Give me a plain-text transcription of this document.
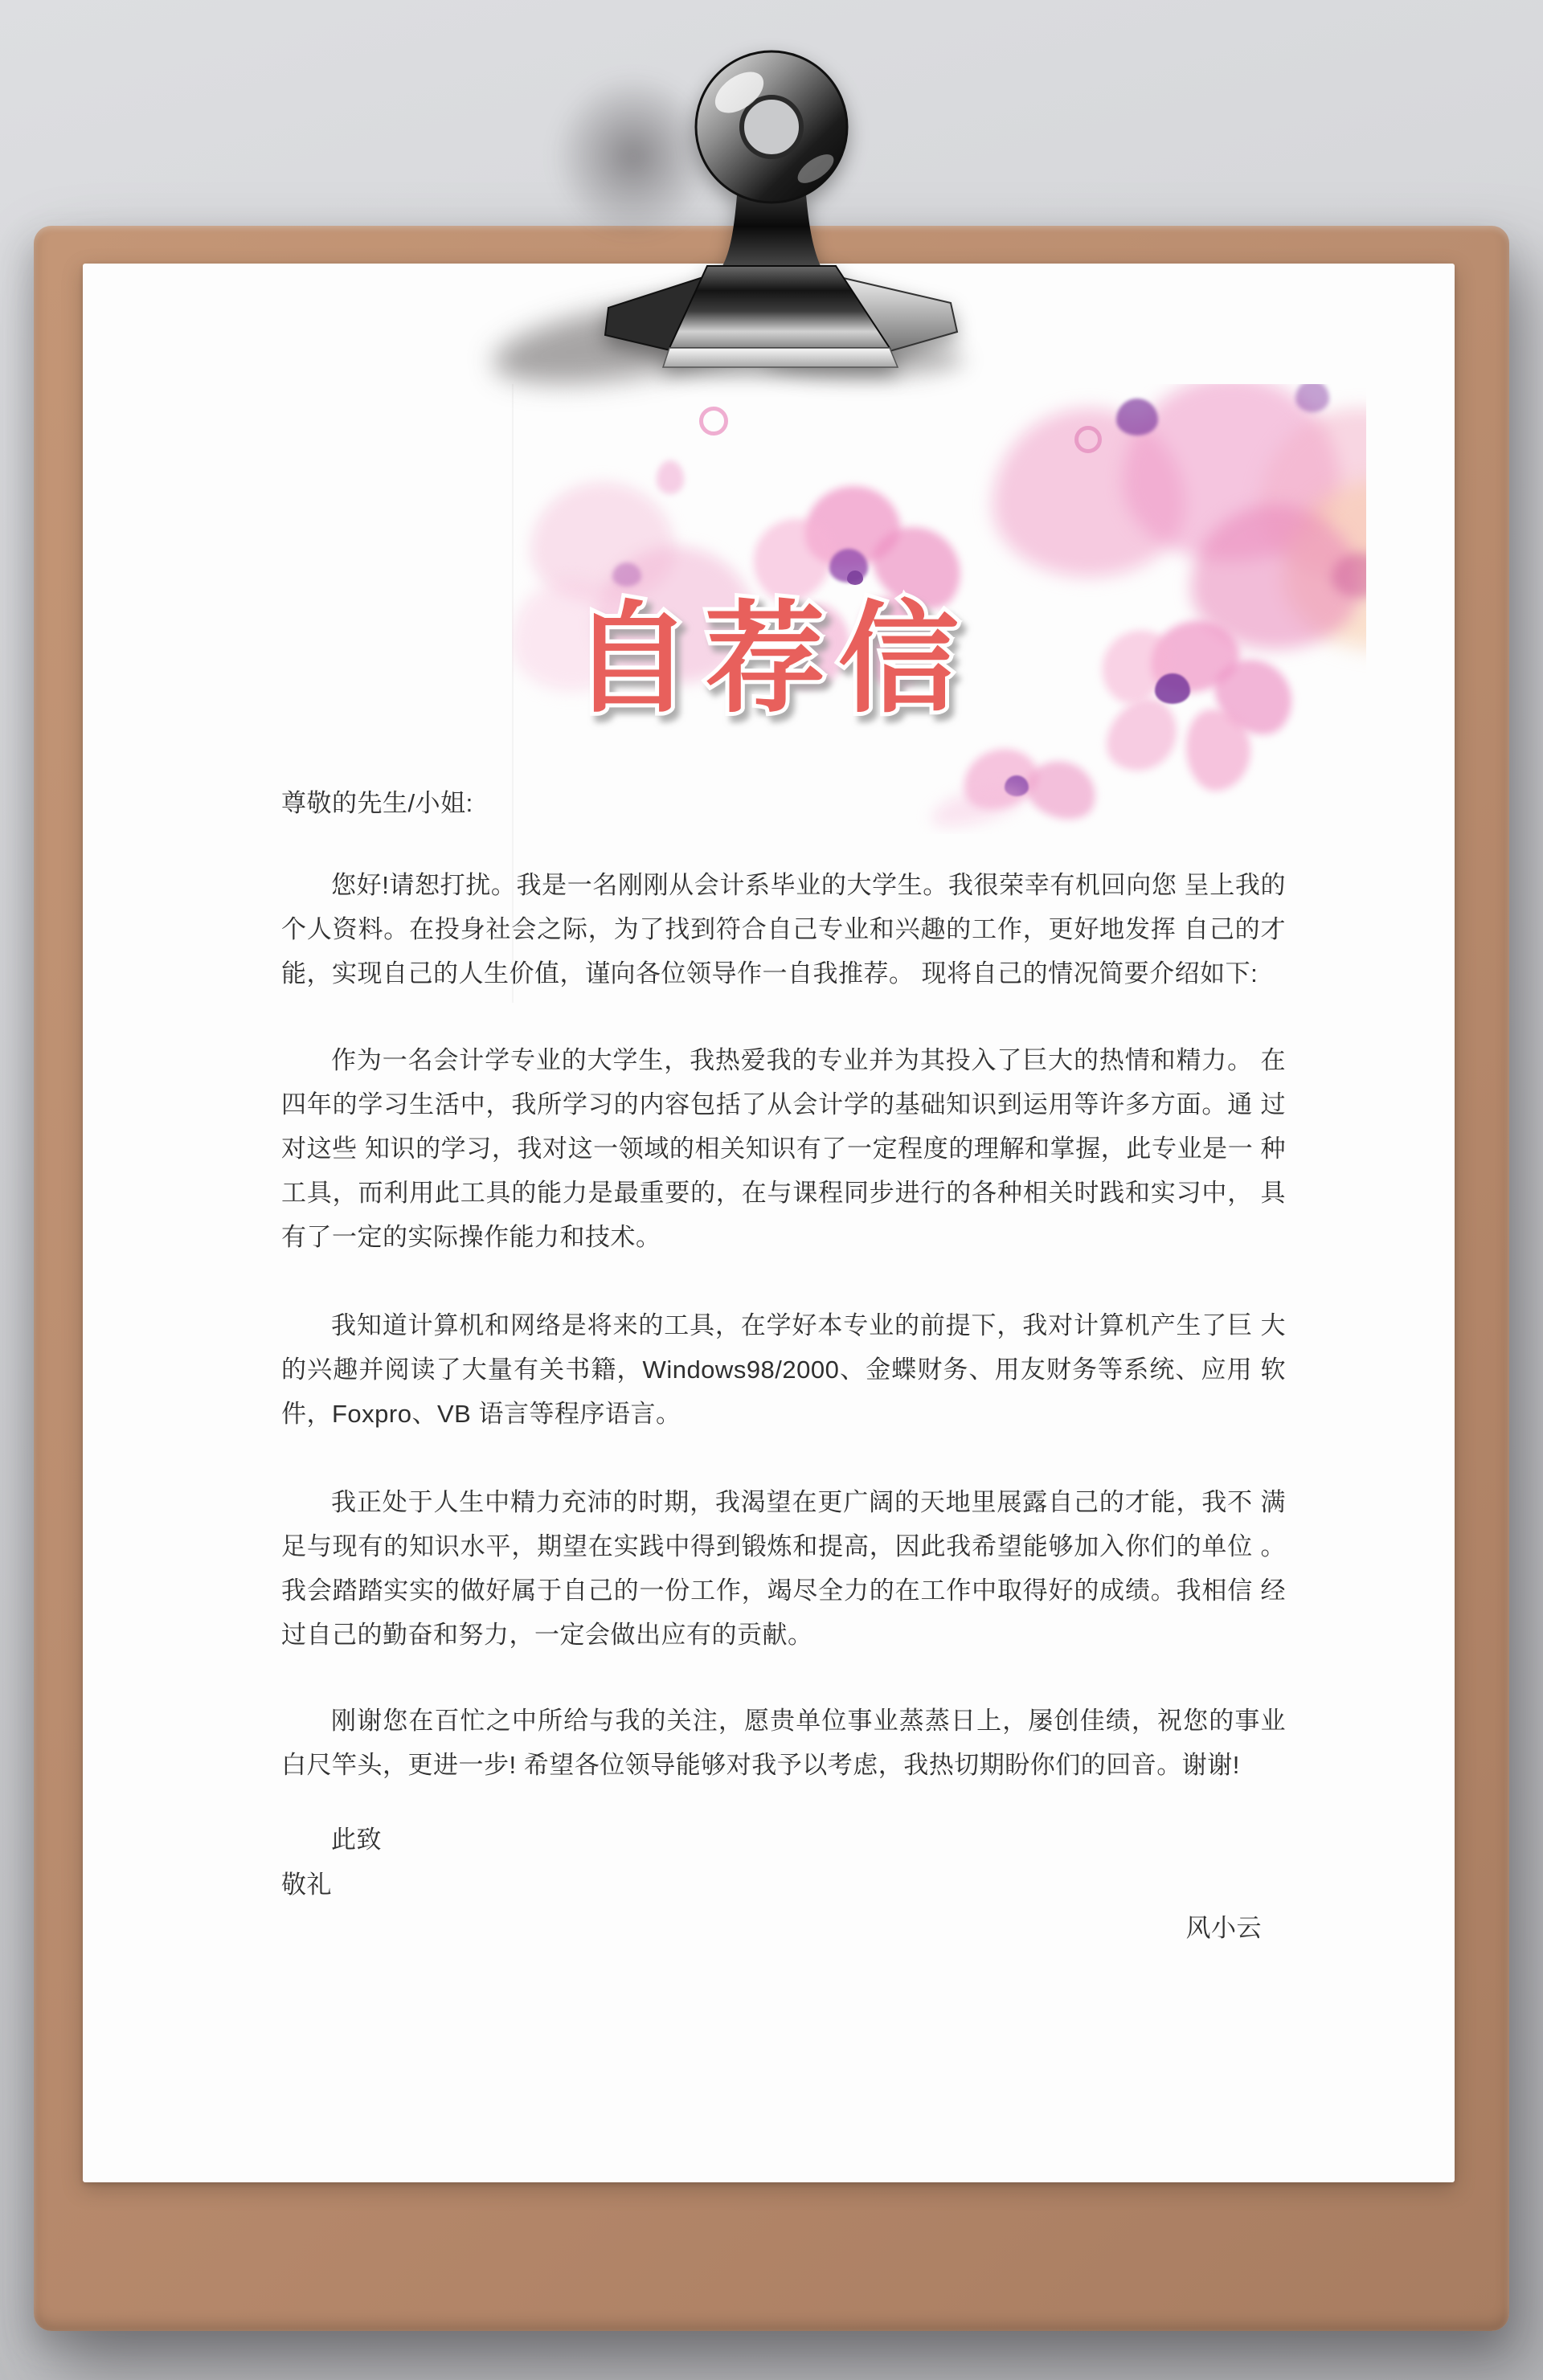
自荐信
尊敬的先生/小姐:
您好!请恕打扰。我是一名刚刚从会计系毕业的大学生。我很荣幸有机回向您 呈上我的个人资料。在投身社会之际，为了找到符合自己专业和兴趣的工作，更好地发挥 自己的才能，实现自己的人生价值，谨向各位领导作一自我推荐。 现将自己的情况简要介绍如下:
作为一名会计学专业的大学生，我热爱我的专业并为其投入了巨大的热情和精力。 在四年的学习生活中，我所学习的内容包括了从会计学的基础知识到运用等许多方面。通 过对这些 知识的学习，我对这一领域的相关知识有了一定程度的理解和掌握，此专业是一 种工具，而利用此工具的能力是最重要的，在与课程同步进行的各种相关时践和实习中， 具有了一定的实际操作能力和技术。
我知道计算机和网络是将来的工具，在学好本专业的前提下，我对计算机产生了巨 大的兴趣并阅读了大量有关书籍，Windows98/2000、金蝶财务、用友财务等系统、应用 软件，Foxpro、VB 语言等程序语言。
我正处于人生中精力充沛的时期，我渴望在更广阔的天地里展露自己的才能，我不 满足与现有的知识水平，期望在实践中得到锻炼和提高，因此我希望能够加入你们的单位 。我会踏踏实实的做好属于自己的一份工作，竭尽全力的在工作中取得好的成绩。我相信 经过自己的勤奋和努力，一定会做出应有的贡献。
刚谢您在百忙之中所给与我的关注，愿贵单位事业蒸蒸日上，屡创佳绩，祝您的事业 白尺竿头，更进一步! 希望各位领导能够对我予以考虑，我热切期盼你们的回音。谢谢!
此致
敬礼
风小云
